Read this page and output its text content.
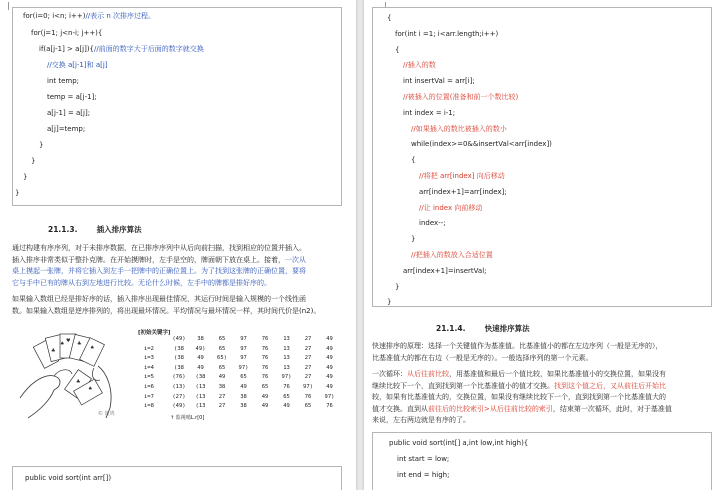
for(i=0; i<n; i++)//表示 n 次排序过程。
for(j=1; j<n-i; j++){
if(a[j-1] > a[j]){//前面的数字大于后面的数字就交换
//交换 a[j-1]和 a[j]
int temp;
temp = a[j-1];
a[j-1] = a[j];
a[j]=temp;
}
}
}
}
21.1.3.	插入排序算法
通过构建有序序列，对于未排序数据，在已排序序列中从后向前扫描，找到相应的位置并插入。
插入排序非常类似于整扑克牌。在开始摸牌时，左手是空的，牌面朝下放在桌上。接着，一次从
桌上摸起一张牌，并将它插入到左手一把牌中的正确位置上。为了找到这张牌的正确位置，要将
它与手中已有的牌从右到左地进行比较。无论什么时候，左手中的牌都是排好序的。
如果输入数组已经是排好序的话，插入排序出现最佳情况，其运行时间是输入规模的一个线性函
数。如果输入数组是逆序排列的，将出现最坏情况。平均情况与最坏情况一样，其时间代价是(n2)。
♣
♠ ♥ ♣
♠
♣
♠
© 斑鸠
[初始关键字]
↑ 监视哨L.r[0]
(49)	38	65	97	76	13	27	49
i=2	(38	49)	65	97	76	13	27	49
i=3	(38	49	65)	97	76	13	27	49
i=4	(38	49	65	97)	76	13	27	49
i=5	(76)	(38	49	65	76	97)	27	49
i=6	(13)	(13	38	49	65	76	97)	49
i=7	(27)	(13	27	38	49	65	76	97)
i=8	(49)	(13	27	38	49	49	65	76
public void sort(int arr[])
{
for(int i =1; i<arr.length;i++)
{
//插入的数
int insertVal = arr[i];
//被插入的位置(准备和前一个数比较)
int index = i-1;
//如果插入的数比被插入的数小
while(index>=0&&insertVal<arr[index])
{
//将把 arr[index] 向后移动
arr[index+1]=arr[index];
//让 index 向前移动
index--;
}
//把插入的数放入合适位置
arr[index+1]=insertVal;
}
}
21.1.4.	快速排序算法
快速排序的原理：选择一个关键值作为基准值。比基准值小的都在左边序列（一般是无序的），
比基准值大的都在右边（一般是无序的）。一般选择序列的第一个元素。
一次循环：从后往前比较，用基准值和最后一个值比较，如果比基准值小的交换位置，如果没有
继续比较下一个，直到找到第一个比基准值小的值才交换。找到这个值之后，又从前往后开始比
较，如果有比基准值大的，交换位置，如果没有继续比较下一个，直到找到第一个比基准值大的
值才交换。直到从前往后的比较索引>从后往前比较的索引，结束第一次循环，此时，对于基准值
来说，左右两边就是有序的了。
public void sort(int[] a,int low,int high){
int start = low;
int end = high;
